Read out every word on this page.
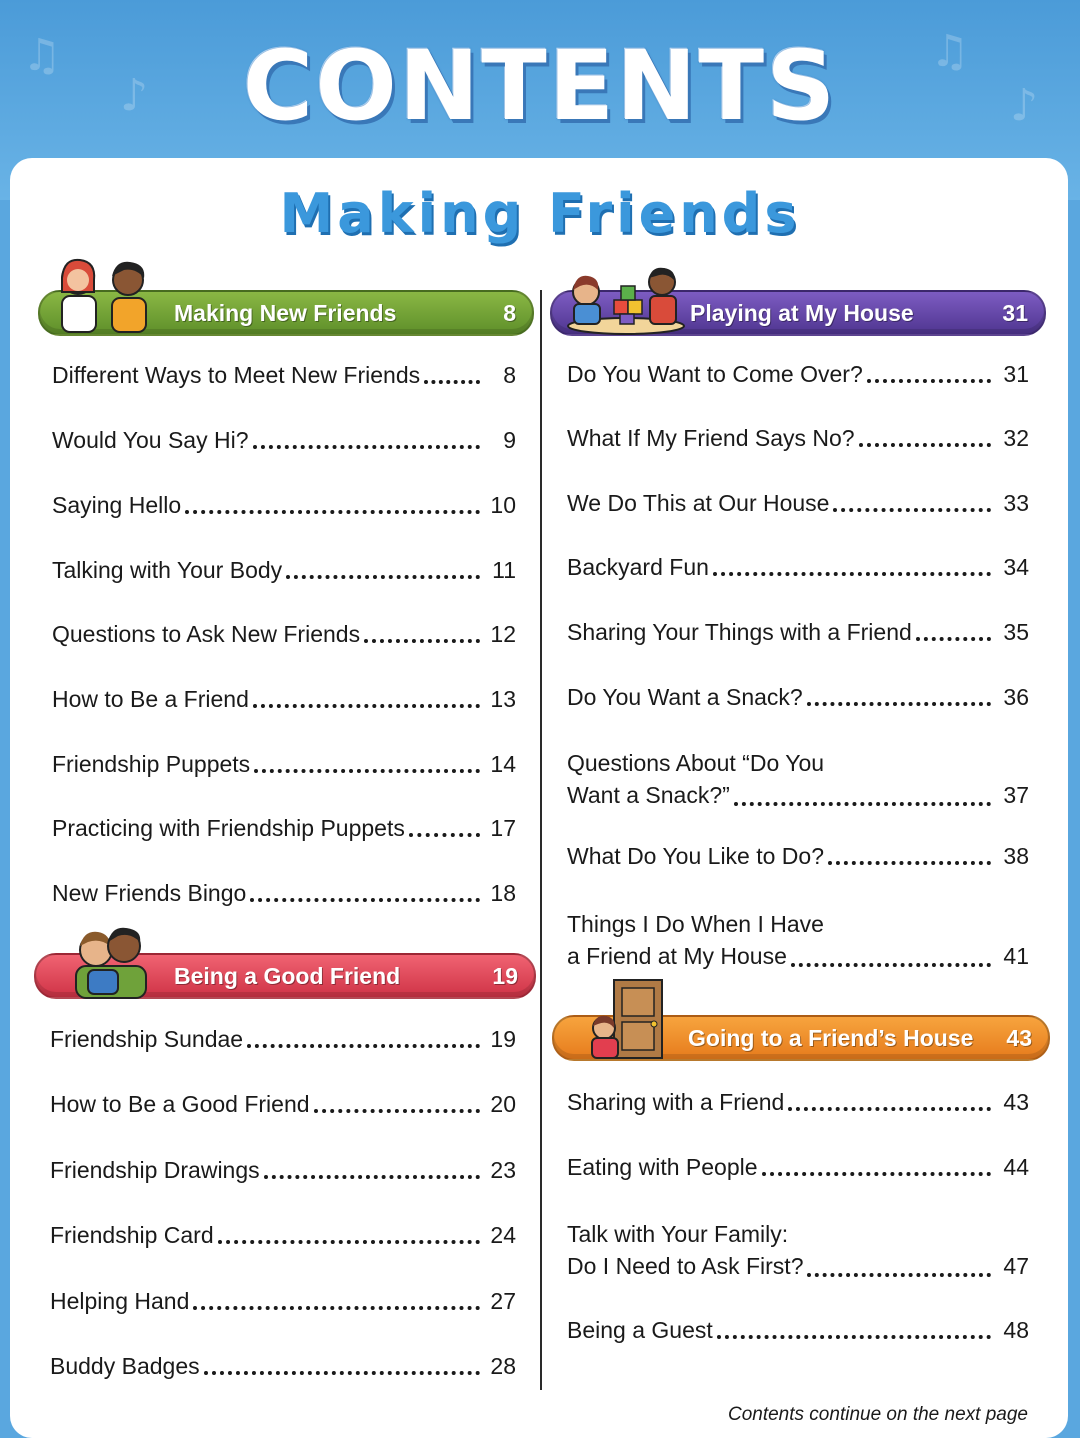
♫
♪
♫
♪
CONTENTS
Making Friends
Making New Friends	8
Different Ways to Meet New Friends	8
Would You Say Hi?	9
Saying Hello	10
Talking with Your Body	11
Questions to Ask New Friends	12
How to Be a Friend	13
Friendship Puppets	14
Practicing with Friendship Puppets	17
New Friends Bingo	18
Being a Good Friend	19
Friendship Sundae	19
How to Be a Good Friend	20
Friendship Drawings	23
Friendship Card	24
Helping Hand	27
Buddy Badges	28
Playing at My House	31
Do You Want to Come Over?	31
What If My Friend Says No?	32
We Do This at Our House	33
Backyard Fun	34
Sharing Your Things with a Friend	35
Do You Want a Snack?	36
Questions About “Do You
Want a Snack?”	37
What Do You Like to Do?	38
Things I Do When I Have
a Friend at My House	41
Going to a Friend’s House 43
Sharing with a Friend	43
Eating with People	44
Talk with Your Family:
Do I Need to Ask First?	47
Being a Guest	48
Contents continue on the next page
